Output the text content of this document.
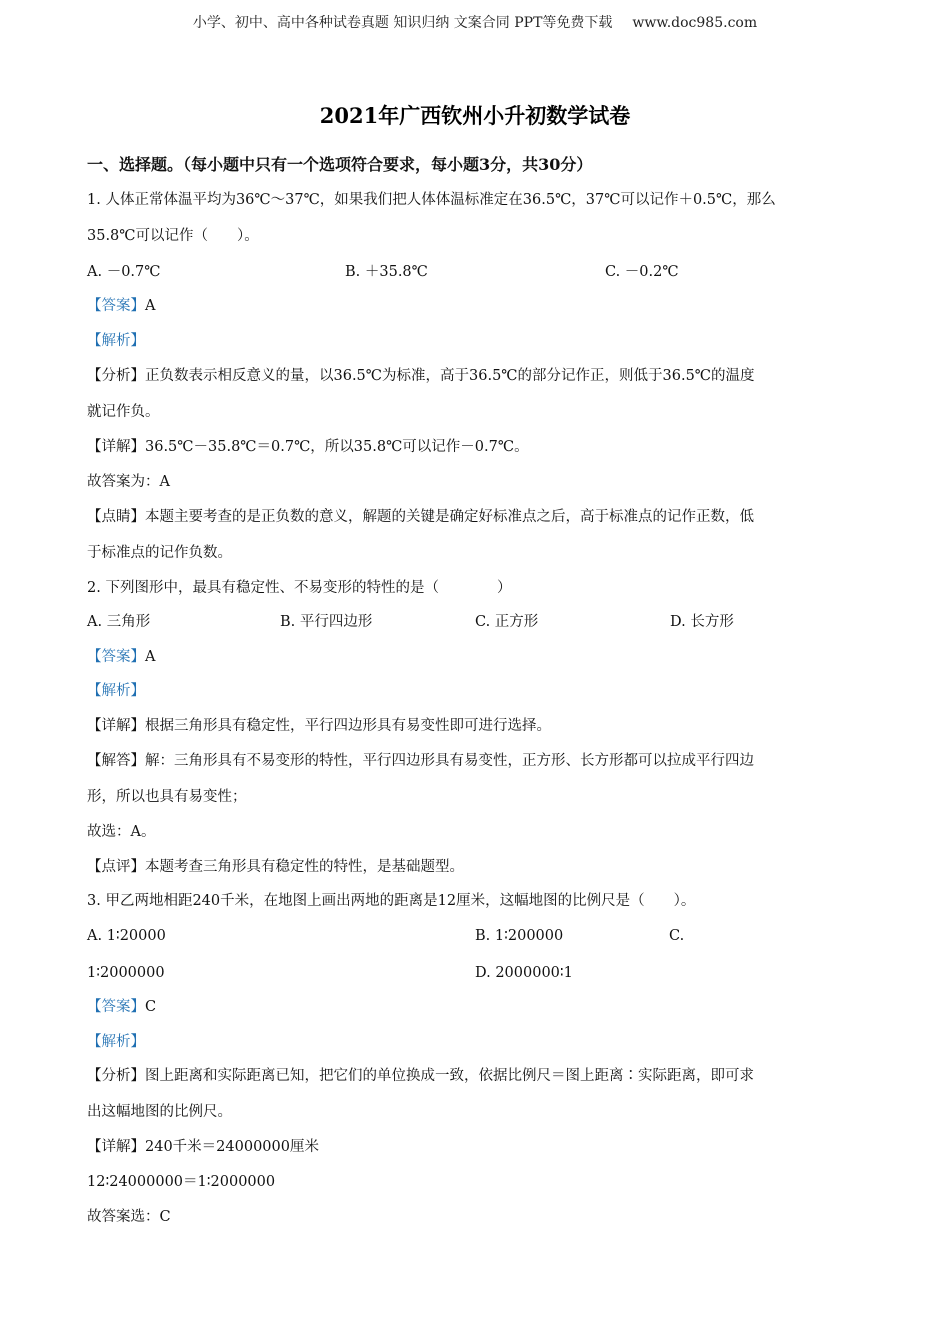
小学、初中、高中各种试卷真题 知识归纳 文案合同 PPT等免费下载 www.doc985.com
2021年广西钦州小升初数学试卷
一、选择题。（每小题中只有一个选项符合要求，每小题3分，共30分）
1. 人体正常体温平均为36℃～37℃，如果我们把人体体温标准定在36.5℃，37℃可以记作＋0.5℃，那么
35.8℃可以记作（　　）。
A. －0.7℃	B. ＋35.8℃	C. －0.2℃
【答案】A
【解析】
【分析】正负数表示相反意义的量，以36.5℃为标准，高于36.5℃的部分记作正，则低于36.5℃的温度
就记作负。
【详解】36.5℃－35.8℃＝0.7℃，所以35.8℃可以记作－0.7℃。
故答案为：A
【点睛】本题主要考查的是正负数的意义，解题的关键是确定好标准点之后，高于标准点的记作正数，低
于标准点的记作负数。
2. 下列图形中，最具有稳定性、不易变形的特性的是（　　　　）
A. 三角形	B. 平行四边形	C. 正方形	D. 长方形
【答案】A
【解析】
【详解】根据三角形具有稳定性，平行四边形具有易变性即可进行选择。
【解答】解：三角形具有不易变形的特性，平行四边形具有易变性，正方形、长方形都可以拉成平行四边
形，所以也具有易变性；
故选：A。
【点评】本题考查三角形具有稳定性的特性，是基础题型。
3. 甲乙两地相距240千米，在地图上画出两地的距离是12厘米，这幅地图的比例尺是（　　）。
A. 1∶20000	B. 1∶200000	C.
1∶2000000	D. 2000000∶1
【答案】C
【解析】
【分析】图上距离和实际距离已知，把它们的单位换成一致，依据比例尺＝图上距离∶实际距离，即可求
出这幅地图的比例尺。
【详解】240千米＝24000000厘米
12∶24000000＝1∶2000000
故答案选：C
